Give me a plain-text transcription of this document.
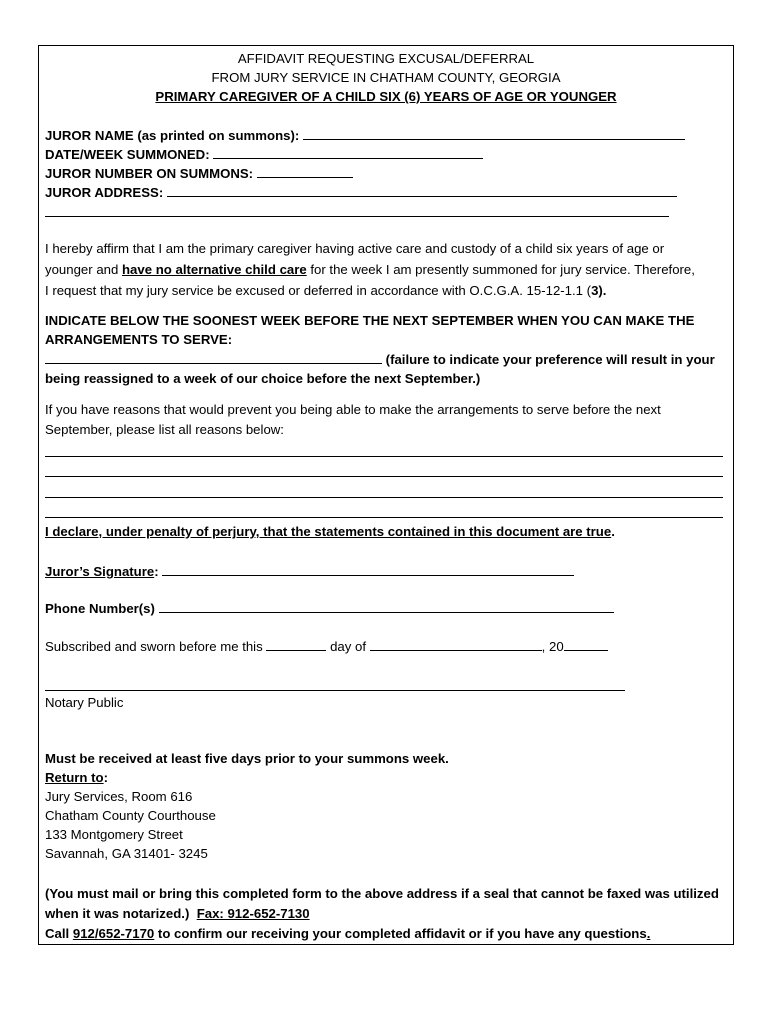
AFFIDAVIT REQUESTING EXCUSAL/DEFERRAL
FROM JURY SERVICE IN CHATHAM COUNTY, GEORGIA
PRIMARY CAREGIVER OF A CHILD SIX (6) YEARS OF AGE OR YOUNGER
JUROR NAME (as printed on summons):
DATE/WEEK SUMMONED:
JUROR NUMBER ON SUMMONS:
JUROR ADDRESS:
I hereby affirm that I am the primary caregiver having active care and custody of a child six years of age or
younger and have no alternative child care for the week I am presently summoned for jury service. Therefore,
I request that my jury service be excused or deferred in accordance with O.C.G.A. 15-12-1.1 (3).
INDICATE BELOW THE SOONEST WEEK BEFORE THE NEXT SEPTEMBER WHEN YOU CAN MAKE THE
ARRANGEMENTS TO SERVE:
(failure to indicate your preference will result in your
being reassigned to a week of our choice before the next September.)
If you have reasons that would prevent you being able to make the arrangements to serve before the next
September, please list all reasons below:
I declare, under penalty of perjury, that the statements contained in this document are true.
Juror’s Signature:
Phone Number(s)
Subscribed and sworn before me this	day of	, 20
Notary Public
Must be received at least five days prior to your summons week.
Return to:
Jury Services, Room 616
Chatham County Courthouse
133 Montgomery Street
Savannah, GA 31401- 3245
(You must mail or bring this completed form to the above address if a seal that cannot be faxed was utilized
when it was notarized.) Fax: 912-652-7130
Call 912/652-7170 to confirm our receiving your completed affidavit or if you have any questions.
